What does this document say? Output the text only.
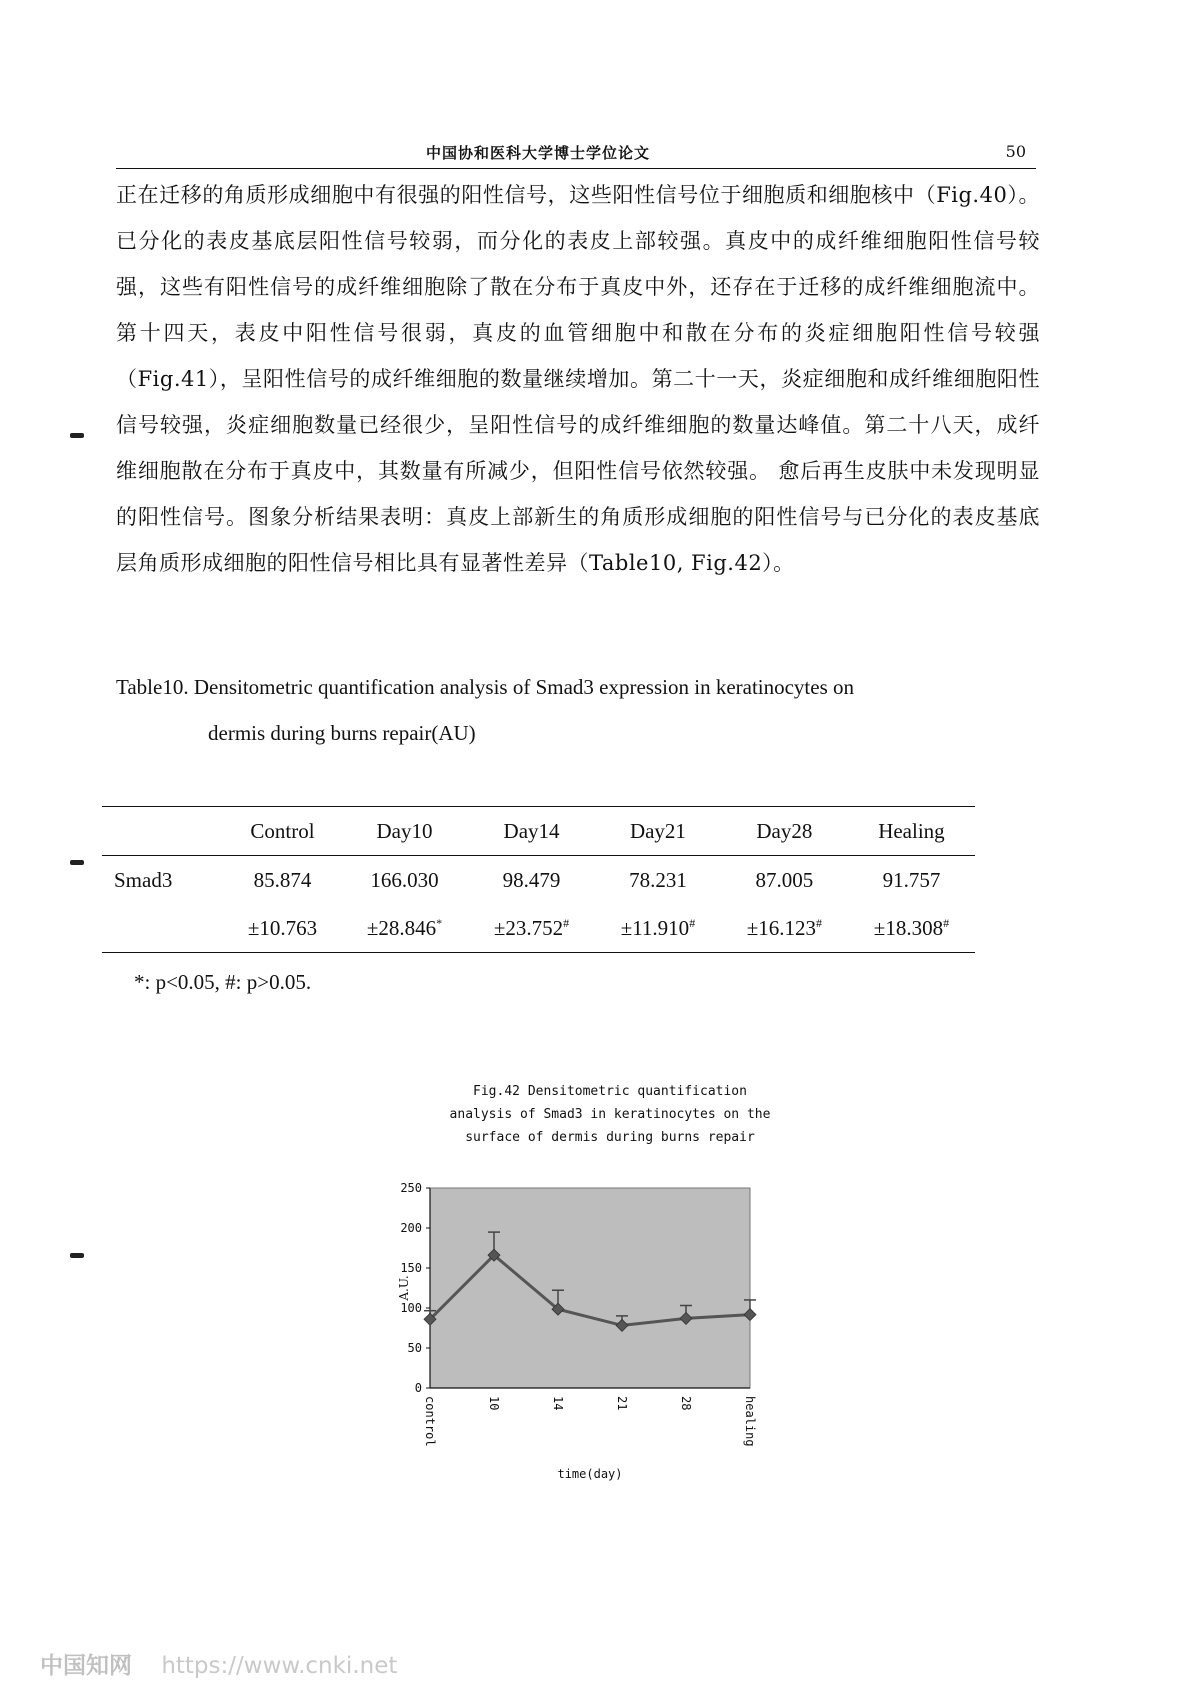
中国协和医科大学博士学位论文	50

正在迁移的角质形成细胞中有很强的阳性信号，这些阳性信号位于细胞质和细胞核中（Fig.40）。已分化的表皮基底层阳性信号较弱，而分化的表皮上部较强。真皮中的成纤维细胞阳性信号较强，这些有阳性信号的成纤维细胞除了散在分布于真皮中外，还存在于迁移的成纤维细胞流中。第十四天，表皮中阳性信号很弱，真皮的血管细胞中和散在分布的炎症细胞阳性信号较强（Fig.41），呈阳性信号的成纤维细胞的数量继续增加。第二十一天，炎症细胞和成纤维细胞阳性信号较强，炎症细胞数量已经很少，呈阳性信号的成纤维细胞的数量达峰值。第二十八天，成纤维细胞散在分布于真皮中，其数量有所减少，但阳性信号依然较强。 愈后再生皮肤中未发现明显的阳性信号。图象分析结果表明：真皮上部新生的角质形成细胞的阳性信号与已分化的表皮基底层角质形成细胞的阳性信号相比具有显著性差异（Table10, Fig.42）。

Table10. Densitometric quantification analysis of Smad3 expression in keratinocytes on
dermis during burns repair(AU)
	Control	Day10	Day14	Day21	Day28	Healing
Smad3	85.874	166.030	98.479	78.231	87.005	91.757
	±10.763	±28.846*	±23.752#	±11.910#	±16.123#	±18.308#
*: p<0.05, #: p>0.05.
Fig.42 Densitometric quantification
analysis of Smad3 in keratinocytes on the
surface of dermis during burns repair
0
50
100
150
200
250
A.U.
control	10	14	21	28	healing
time(day)
中国知网 https://www.cnki.net
